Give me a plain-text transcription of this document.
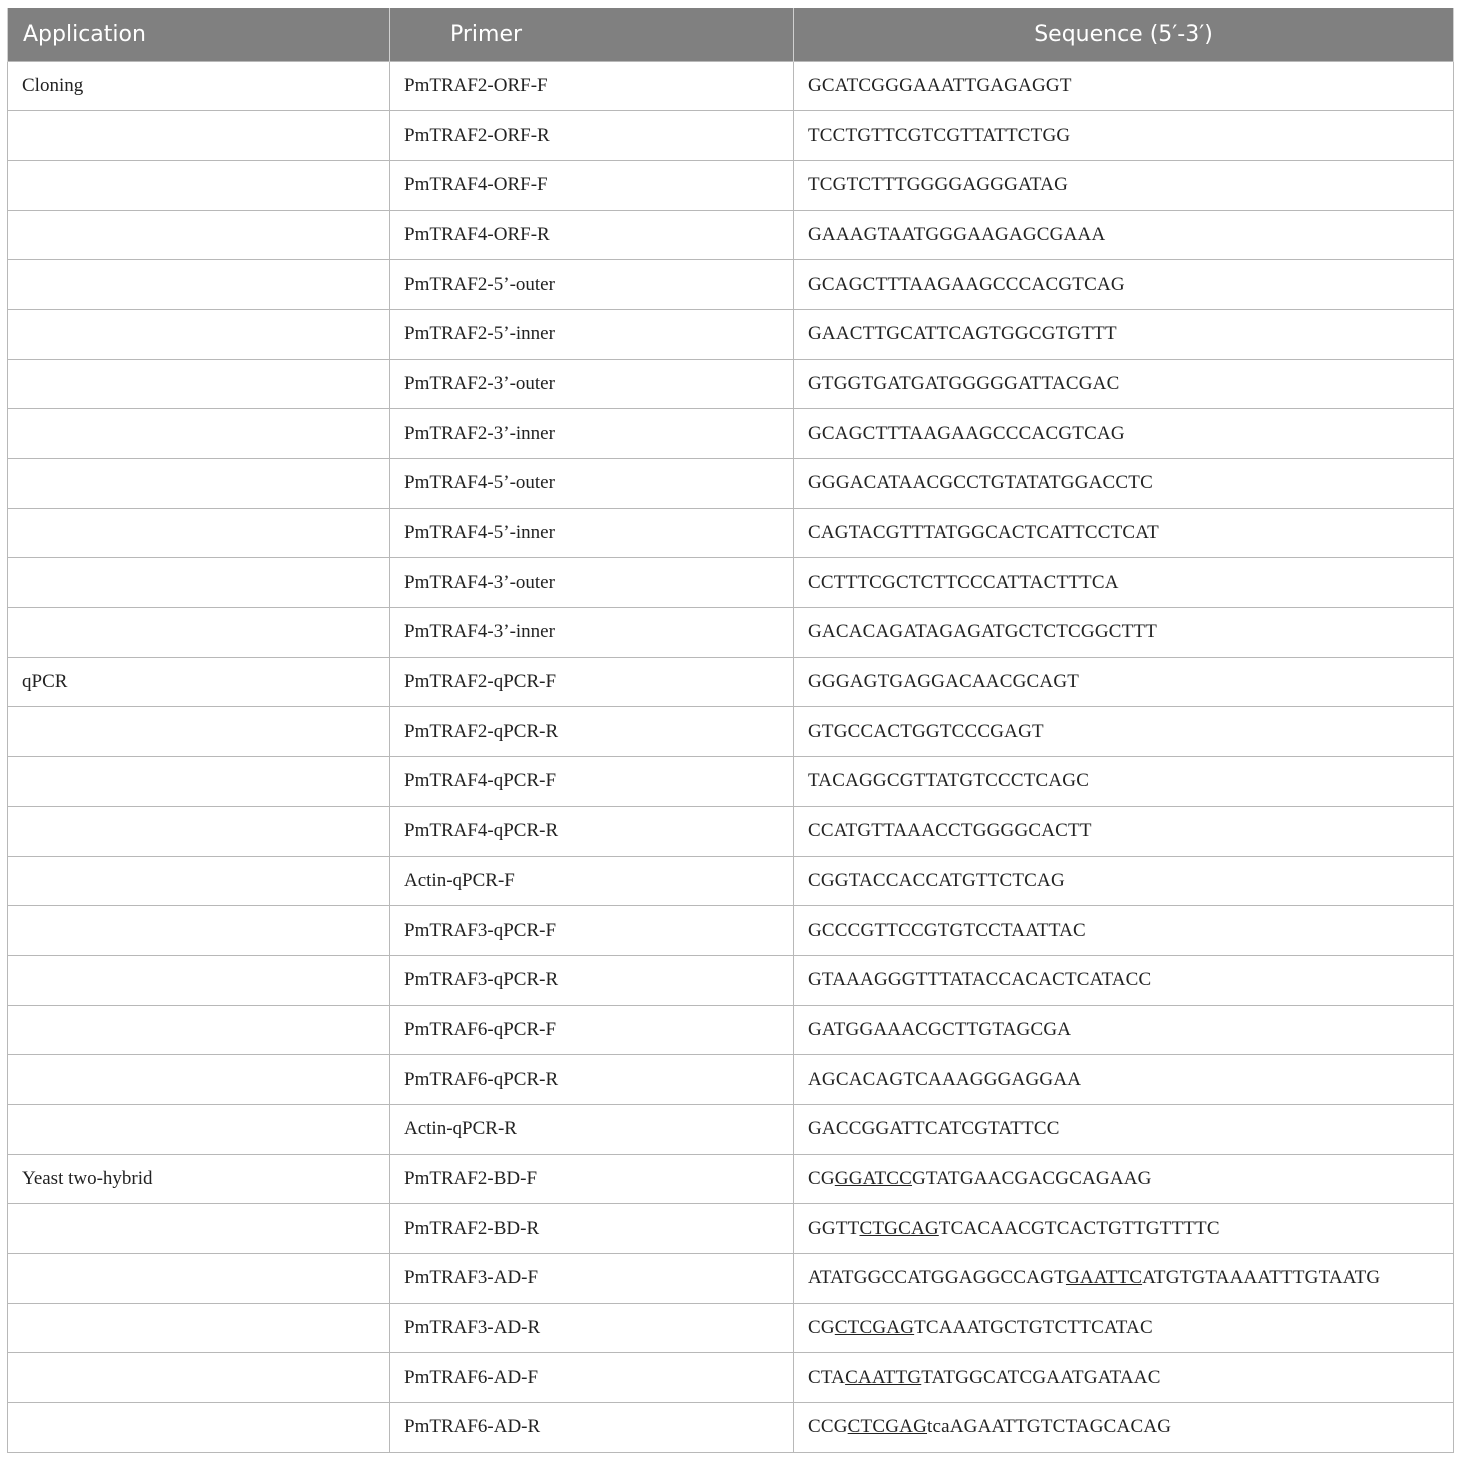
Application	Primer	Sequence (5′-3′)
Cloning	PmTRAF2-ORF-F	GCATCGGGAAATTGAGAGGT
	PmTRAF2-ORF-R	TCCTGTTCGTCGTTATTCTGG
	PmTRAF4-ORF-F	TCGTCTTTGGGGAGGGATAG
	PmTRAF4-ORF-R	GAAAGTAATGGGAAGAGCGAAA
	PmTRAF2-5’-outer	GCAGCTTTAAGAAGCCCACGTCAG
	PmTRAF2-5’-inner	GAACTTGCATTCAGTGGCGTGTTT
	PmTRAF2-3’-outer	GTGGTGATGATGGGGGATTACGAC
	PmTRAF2-3’-inner	GCAGCTTTAAGAAGCCCACGTCAG
	PmTRAF4-5’-outer	GGGACATAACGCCTGTATATGGACCTC
	PmTRAF4-5’-inner	CAGTACGTTTATGGCACTCATTCCTCAT
	PmTRAF4-3’-outer	CCTTTCGCTCTTCCCATTACTTTCA
	PmTRAF4-3’-inner	GACACAGATAGAGATGCTCTCGGCTTT
qPCR	PmTRAF2-qPCR-F	GGGAGTGAGGACAACGCAGT
	PmTRAF2-qPCR-R	GTGCCACTGGTCCCGAGT
	PmTRAF4-qPCR-F	TACAGGCGTTATGTCCCTCAGC
	PmTRAF4-qPCR-R	CCATGTTAAACCTGGGGCACTT
	Actin-qPCR-F	CGGTACCACCATGTTCTCAG
	PmTRAF3-qPCR-F	GCCCGTTCCGTGTCCTAATTAC
	PmTRAF3-qPCR-R	GTAAAGGGTTTATACCACACTCATACC
	PmTRAF6-qPCR-F	GATGGAAACGCTTGTAGCGA
	PmTRAF6-qPCR-R	AGCACAGTCAAAGGGAGGAA
	Actin-qPCR-R	GACCGGATTCATCGTATTCC
Yeast two-hybrid	PmTRAF2-BD-F	CGGGATCCGTATGAACGACGCAGAAG
	PmTRAF2-BD-R	GGTTCTGCAGTCACAACGTCACTGTTGTTTTC
	PmTRAF3-AD-F	ATATGGCCATGGAGGCCAGTGAATTCATGTGTAAAATTTGTAATG
	PmTRAF3-AD-R	CGCTCGAGTCAAATGCTGTCTTCATAC
	PmTRAF6-AD-F	CTACAATTGTATGGCATCGAATGATAAC
	PmTRAF6-AD-R	CCGCTCGAGtcaAGAATTGTCTAGCACAG
